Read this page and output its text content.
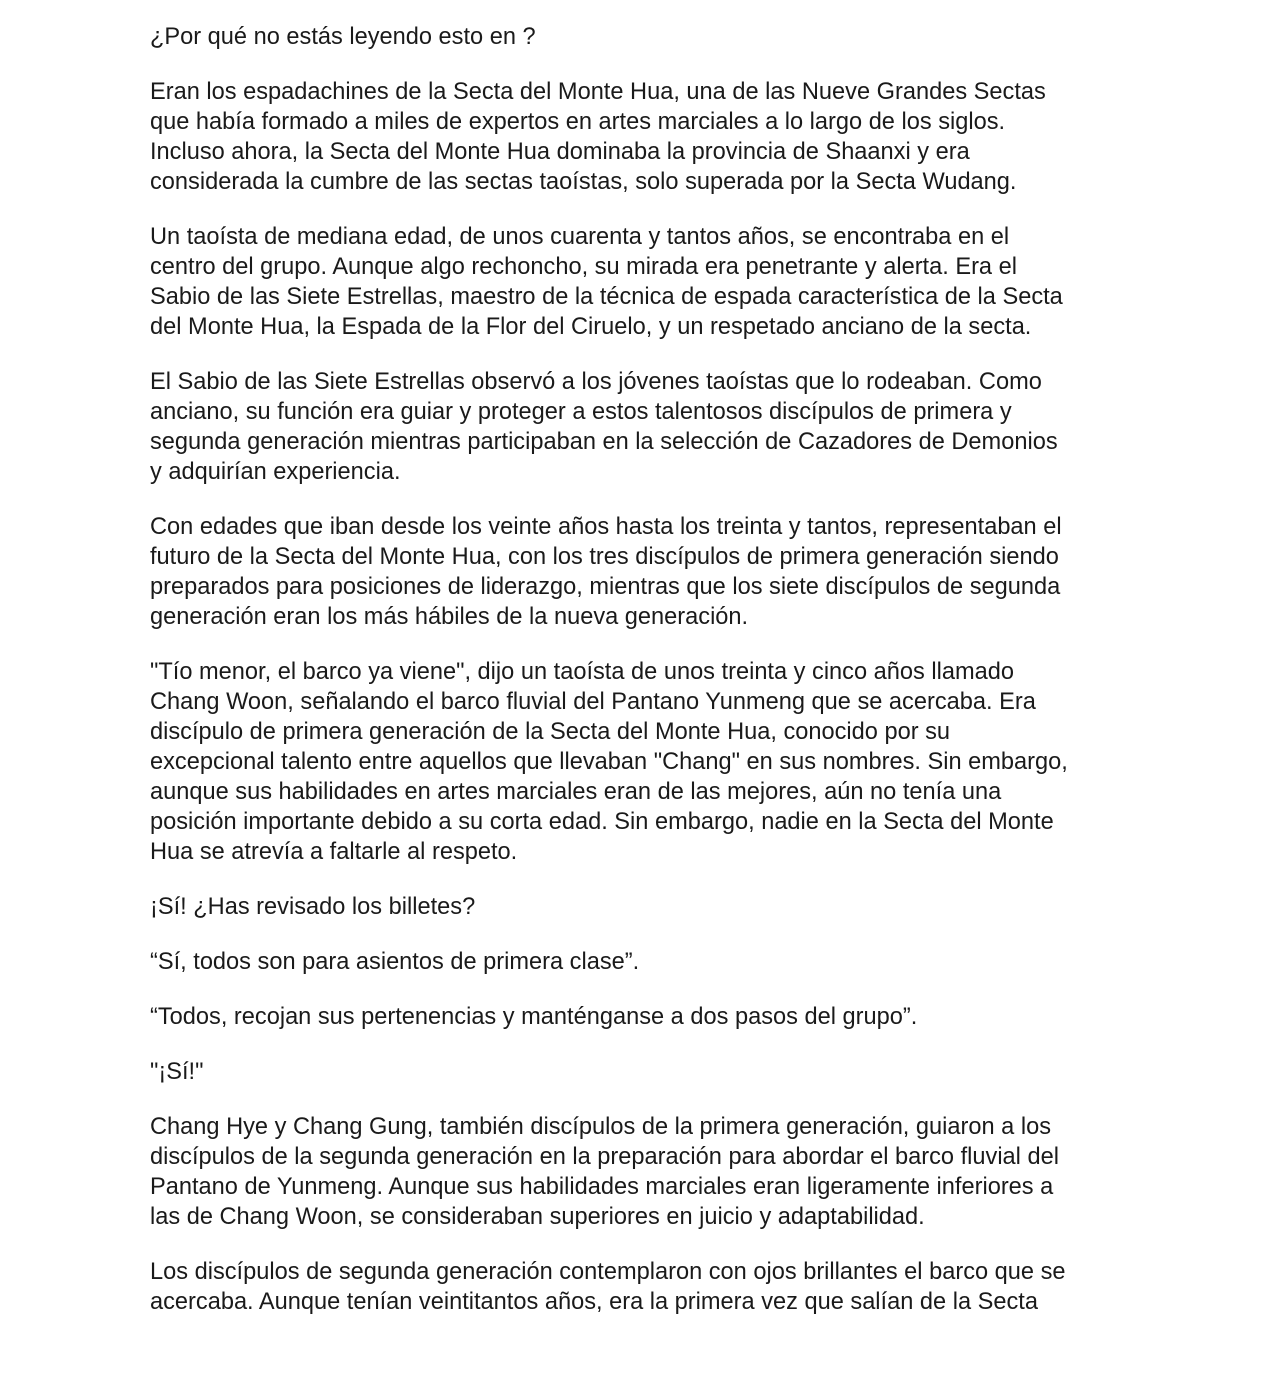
¿Por qué no estás leyendo esto en ?

Eran los espadachines de la Secta del Monte Hua, una de las Nueve Grandes Sectas
que había formado a miles de expertos en artes marciales a lo largo de los siglos.
Incluso ahora, la Secta del Monte Hua dominaba la provincia de Shaanxi y era
considerada la cumbre de las sectas taoístas, solo superada por la Secta Wudang.

Un taoísta de mediana edad, de unos cuarenta y tantos años, se encontraba en el
centro del grupo. Aunque algo rechoncho, su mirada era penetrante y alerta. Era el
Sabio de las Siete Estrellas, maestro de la técnica de espada característica de la Secta
del Monte Hua, la Espada de la Flor del Ciruelo, y un respetado anciano de la secta.

El Sabio de las Siete Estrellas observó a los jóvenes taoístas que lo rodeaban. Como
anciano, su función era guiar y proteger a estos talentosos discípulos de primera y
segunda generación mientras participaban en la selección de Cazadores de Demonios
y adquirían experiencia.

Con edades que iban desde los veinte años hasta los treinta y tantos, representaban el
futuro de la Secta del Monte Hua, con los tres discípulos de primera generación siendo
preparados para posiciones de liderazgo, mientras que los siete discípulos de segunda
generación eran los más hábiles de la nueva generación.

"Tío menor, el barco ya viene", dijo un taoísta de unos treinta y cinco años llamado
Chang Woon, señalando el barco fluvial del Pantano Yunmeng que se acercaba. Era
discípulo de primera generación de la Secta del Monte Hua, conocido por su
excepcional talento entre aquellos que llevaban "Chang" en sus nombres. Sin embargo,
aunque sus habilidades en artes marciales eran de las mejores, aún no tenía una
posición importante debido a su corta edad. Sin embargo, nadie en la Secta del Monte
Hua se atrevía a faltarle al respeto.

¡Sí! ¿Has revisado los billetes?

“Sí, todos son para asientos de primera clase”.

“Todos, recojan sus pertenencias y manténganse a dos pasos del grupo”.

"¡Sí!"

Chang Hye y Chang Gung, también discípulos de la primera generación, guiaron a los
discípulos de la segunda generación en la preparación para abordar el barco fluvial del
Pantano de Yunmeng. Aunque sus habilidades marciales eran ligeramente inferiores a
las de Chang Woon, se consideraban superiores en juicio y adaptabilidad.

Los discípulos de segunda generación contemplaron con ojos brillantes el barco que se
acercaba. Aunque tenían veintitantos años, era la primera vez que salían de la Secta
